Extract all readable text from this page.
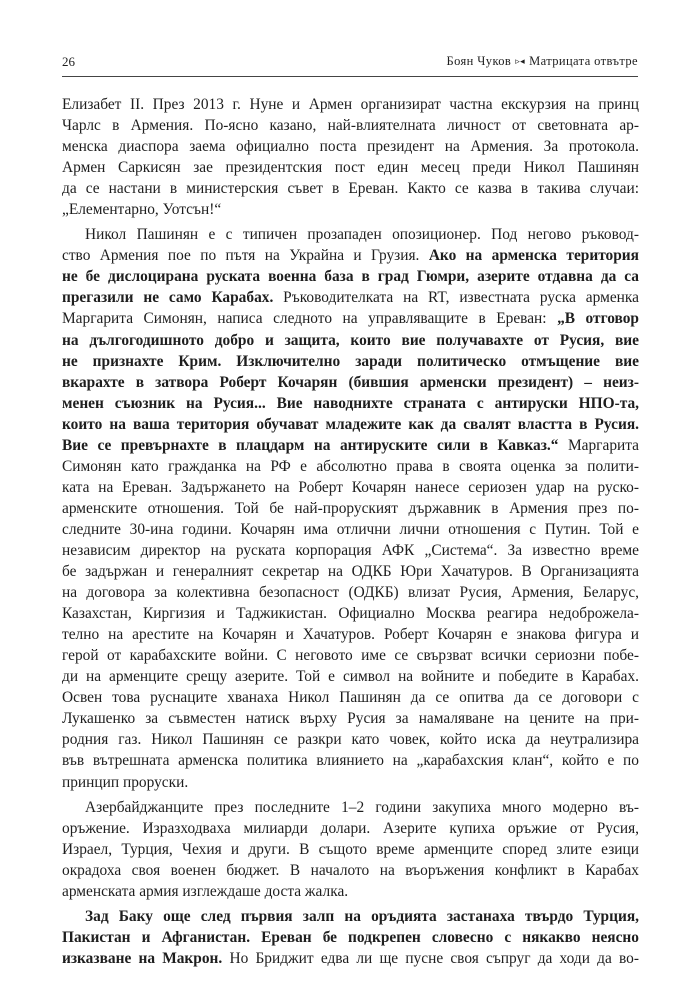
26	Боян Чуков ▹◂ Матрицата отвътре
Елизабет II. През 2013 г. Нуне и Армен организират частна екскурзия на принц
Чарлс в Армения. По-ясно казано, най-влиятелната личност от световната ар-
менска диаспора заема официално поста президент на Армения. За протокола.
Армен Саркисян зае президентския пост един месец преди Никол Пашинян
да се настани в министерския съвет в Ереван. Както се казва в такива случаи:
„Елементарно, Уотсън!“
Никол Пашинян е с типичен прозападен опозиционер. Под негово ръковод-
ство Армения пое по пътя на Украйна и Грузия. Ако на арменска територия
не бе дислоцирана руската военна база в град Гюмри, азерите отдавна да са
прегазили не само Карабах. Ръководителката на RT, известната руска арменка
Маргарита Симонян, написа следното на управляващите в Ереван: „В отговор
на дългогодишното добро и защита, които вие получавахте от Русия, вие
не признахте Крим. Изключително заради политическо отмъщение вие
вкарахте в затвора Роберт Кочарян (бившия арменски президент) – неиз-
менен съюзник на Русия... Вие наводнихте страната с антируски НПО-та,
които на ваша територия обучават младежите как да свалят властта в Русия.
Вие се превърнахте в плацдарм на антируските сили в Кавказ.“ Маргарита
Симонян като гражданка на РФ е абсолютно права в своята оценка за полити-
ката на Ереван. Задържането на Роберт Кочарян нанесе сериозен удар на руско-
арменските отношения. Той бе най-проруският държавник в Армения през по-
следните 30-ина години. Кочарян има отлични лични отношения с Путин. Той е
независим директор на руската корпорация АФК „Система“. За известно време
бе задържан и генералният секретар на ОДКБ Юри Хачатуров. В Организацията
на договора за колективна безопасност (ОДКБ) влизат Русия, Армения, Беларус,
Казахстан, Киргизия и Таджикистан. Официално Москва реагира недоброжела-
телно на арестите на Кочарян и Хачатуров. Роберт Кочарян е знакова фигура и
герой от карабахските войни. С неговото име се свързват всички сериозни побе-
ди на арменците срещу азерите. Той е символ на войните и победите в Карабах.
Освен това руснаците хванаха Никол Пашинян да се опитва да се договори с
Лукашенко за съвместен натиск върху Русия за намаляване на цените на при-
родния газ. Никол Пашинян се разкри като човек, който иска да неутрализира
във вътрешната арменска политика влиянието на „карабахския клан“, който е по
принцип проруски.
Азербайджанците през последните 1–2 години закупиха много модерно въ-
оръжение. Изразходваха милиарди долари. Азерите купиха оръжие от Русия,
Израел, Турция, Чехия и други. В същото време арменците според злите езици
окрадоха своя военен бюджет. В началото на въоръжения конфликт в Карабах
арменската армия изглеждаше доста жалка.
Зад Баку още след първия залп на оръдията застанаха твърдо Турция,
Пакистан и Афганистан. Ереван бе подкрепен словесно с някакво неясно
изказване на Макрон. Но Бриджит едва ли ще пусне своя съпруг да ходи да во-
